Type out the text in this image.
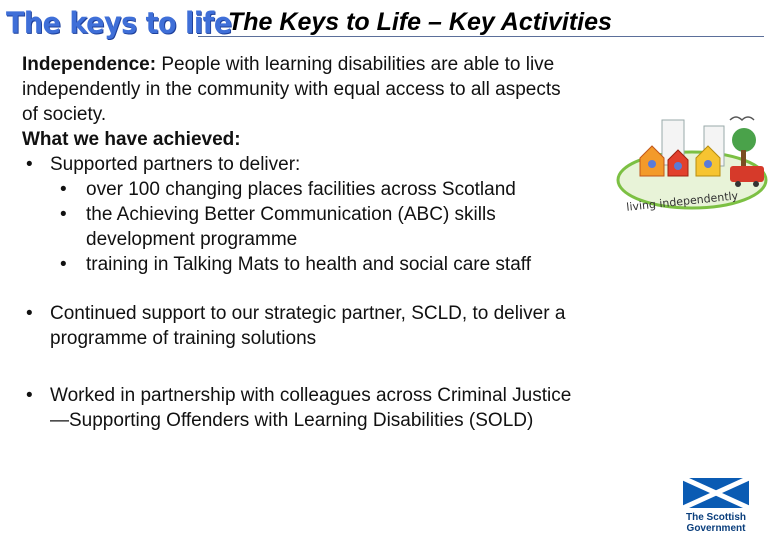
The keys to life
The Keys to Life – Key Activities
Independence: People with learning disabilities are able to live
independently in the community with equal access to all aspects
of society.
What we have achieved:
• Supported partners to deliver:
• over 100 changing places facilities across Scotland
• the Achieving Better Communication (ABC) skills
development programme
• training in Talking Mats to health and social care staff
• Continued support to our strategic partner, SCLD, to deliver a
programme of training solutions
• Worked in partnership with colleagues across Criminal Justice
—Supporting Offenders with Learning Disabilities (SOLD)
living independently
The Scottish
Government
